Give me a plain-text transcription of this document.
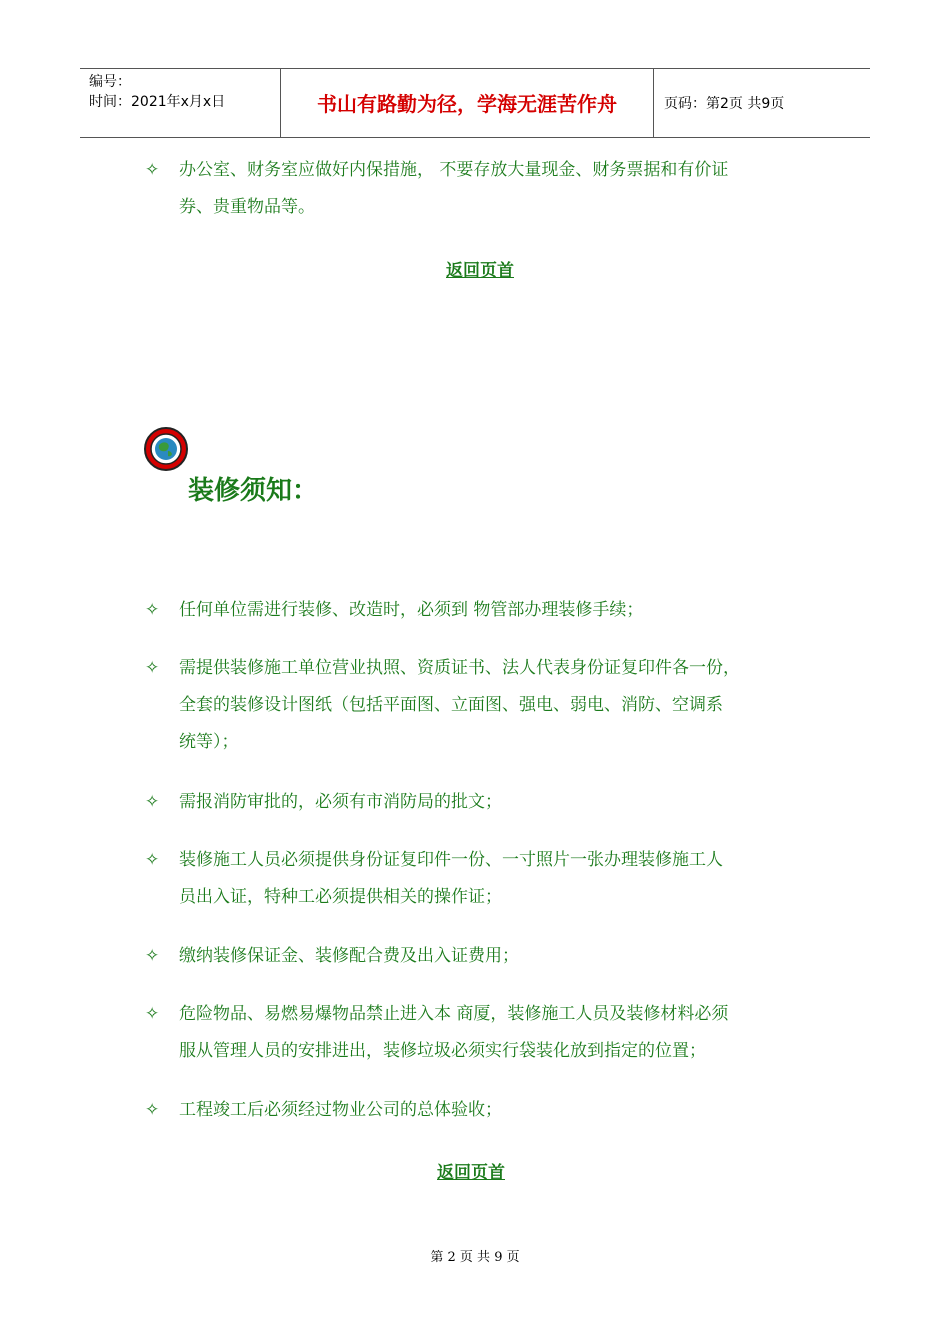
编号：
时间：2021年x月x日	书山有路勤为径，学海无涯苦作舟	页码：第2页 共9页
✧	办公室、财务室应做好内保措施， 不要存放大量现金、财务票据和有价证
券、贵重物品等。
返回页首
装修须知：
✧	任何单位需进行装修、改造时，必须到 物管部办理装修手续；
✧	需提供装修施工单位营业执照、资质证书、法人代表身份证复印件各一份，
全套的装修设计图纸（包括平面图、立面图、强电、弱电、消防、空调系
统等）；
✧	需报消防审批的，必须有市消防局的批文；
✧	装修施工人员必须提供身份证复印件一份、一寸照片一张办理装修施工人
员出入证，特种工必须提供相关的操作证；
✧	缴纳装修保证金、装修配合费及出入证费用；
✧	危险物品、易燃易爆物品禁止进入本 商厦，装修施工人员及装修材料必须
服从管理人员的安排进出，装修垃圾必须实行袋装化放到指定的位置；
✧	工程竣工后必须经过物业公司的总体验收；
返回页首
第 2 页 共 9 页
